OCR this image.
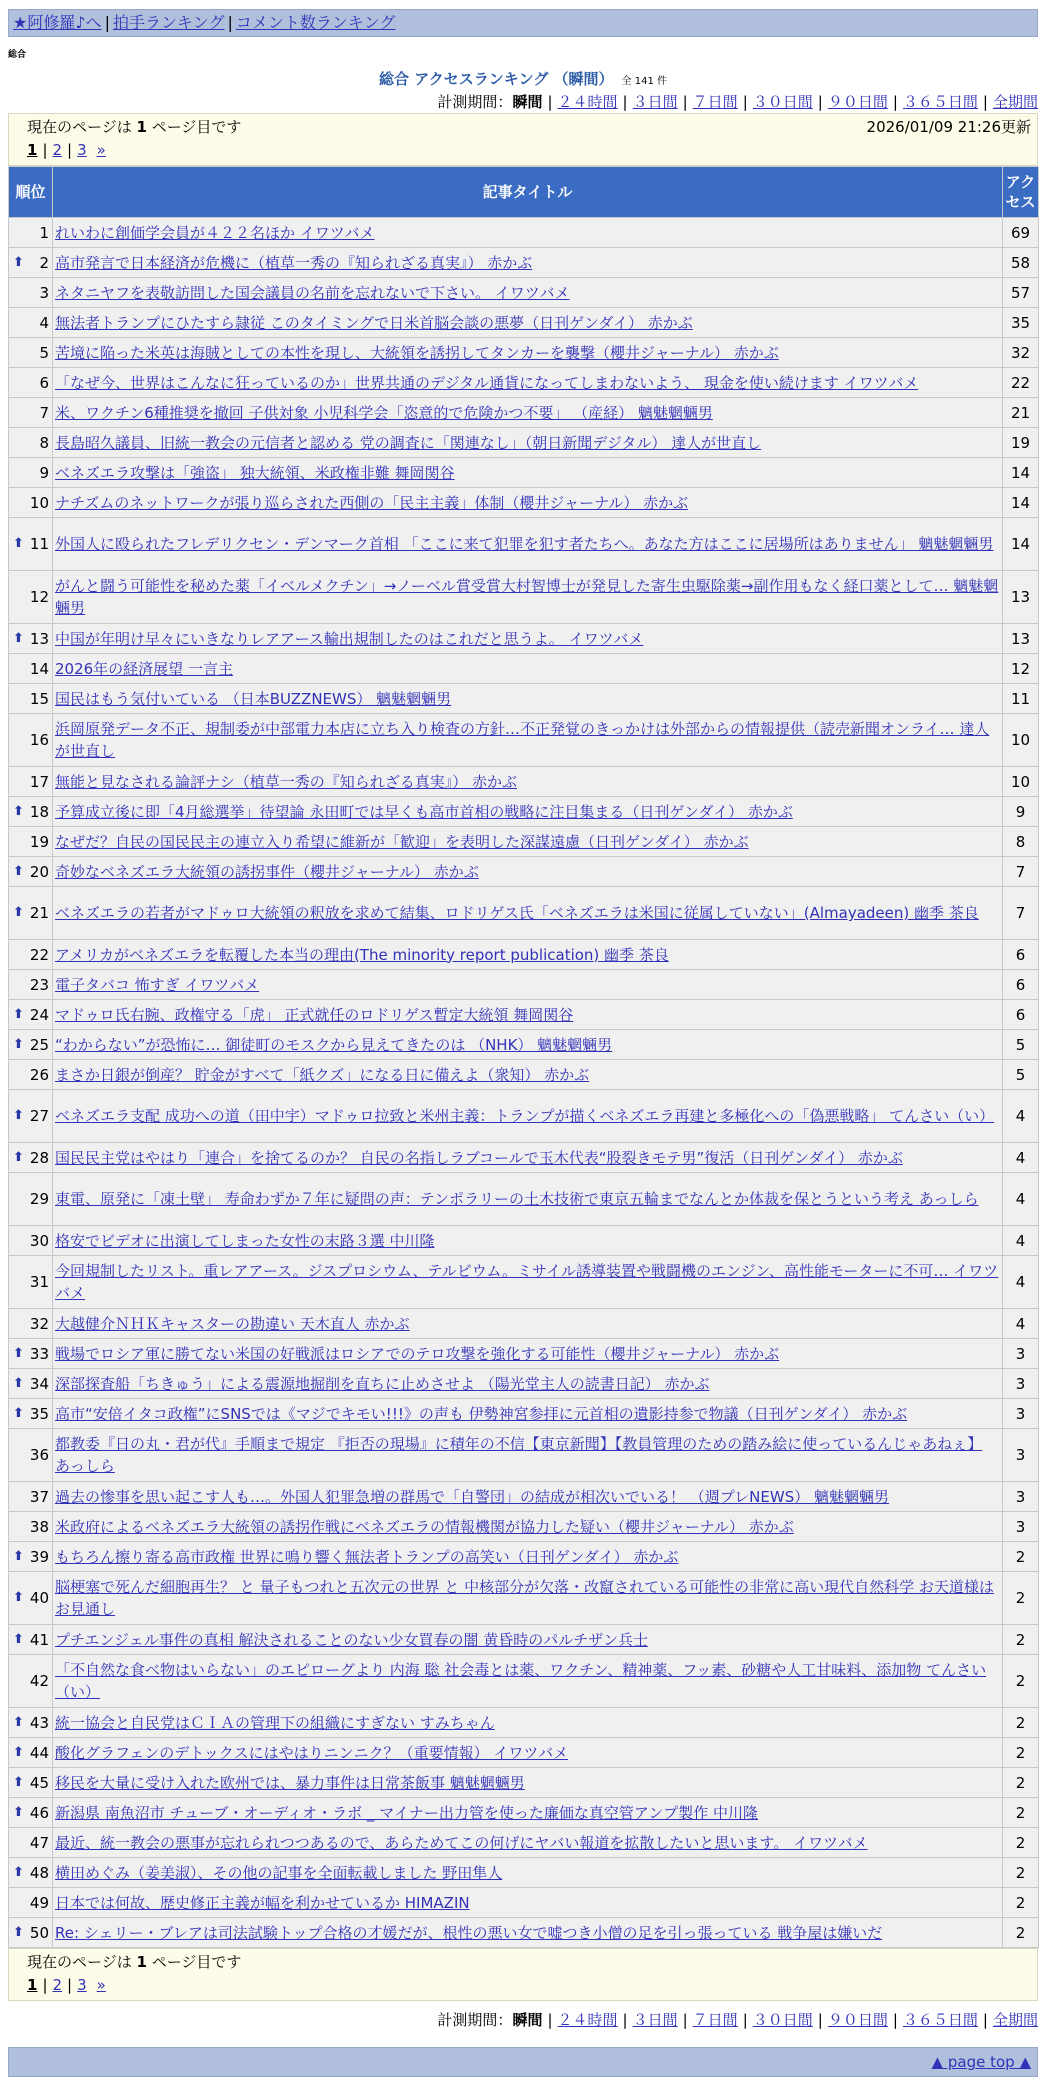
★阿修羅♪へ | 拍手ランキング | コメント数ランキング
総合
総合 アクセスランキング （瞬間） 全 141 件
計測期間：瞬間 | ２４時間 | ３日間 | ７日間 | ３０日間 | ９０日間 | ３６５日間 | 全期間
現在のページは 1 ページ目です	2026/01/09 21:26更新
1 | 2 | 3 »
順位	記事タイトル	アクセス
1	れいわに創価学会員が４２２名ほか イワツバメ	69

⬆ 2	高市発言で日本経済が危機に（植草一秀の『知られざる真実』） 赤かぶ	58
3	ネタニヤフを表敬訪問した国会議員の名前を忘れないで下さい。 イワツバメ	57
4	無法者トランプにひたすら隷従 このタイミングで日米首脳会談の悪夢（日刊ゲンダイ） 赤かぶ	35
5	苦境に陥った米英は海賊としての本性を現し、大統領を誘拐してタンカーを襲撃（櫻井ジャーナル） 赤かぶ	32
6	「なぜ今、世界はこんなに狂っているのか」世界共通のデジタル通貨になってしまわないよう、 現金を使い続けます イワツバメ	22
7	米、ワクチン6種推奨を撤回 子供対象 小児科学会「恣意的で危険かつ不要」 （産経） 魑魅魍魎男	21
8	長島昭久議員、旧統一教会の元信者と認める 党の調査に「関連なし」（朝日新聞デジタル） 達人が世直し	19
9	ベネズエラ攻撃は「強盗」 独大統領、米政権非難 舞岡関谷	14
10	ナチズムのネットワークが張り巡らされた西側の「民主主義」体制（櫻井ジャーナル） 赤かぶ	14

⬆ 11	外国人に殴られたフレデリクセン・デンマーク首相 「ここに来て犯罪を犯す者たちへ。あなた方はここに居場所はありません」 魑魅魍魎男	14
12	がんと闘う可能性を秘めた薬「イベルメクチン」→ノーベル賞受賞大村智博士が発見した寄生虫駆除薬→副作用もなく経口薬として… 魑魅魍魎男	13

⬆ 13	中国が年明け早々にいきなりレアアース輸出規制したのはこれだと思うよ。 イワツバメ	13
14	2026年の経済展望 一言主	12
15	国民はもう気付いている （日本BUZZNEWS） 魑魅魍魎男	11
16	浜岡原発データ不正、規制委が中部電力本店に立ち入り検査の方針…不正発覚のきっかけは外部からの情報提供（読売新聞オンライ… 達人が世直し	10
17	無能と見なされる論評ナシ（植草一秀の『知られざる真実』） 赤かぶ	10

⬆ 18	予算成立後に即「4月総選挙」待望論 永田町では早くも高市首相の戦略に注目集まる（日刊ゲンダイ） 赤かぶ	9
19	なぜだ？自民の国民民主の連立入り希望に維新が「歓迎」を表明した深謀遠慮（日刊ゲンダイ） 赤かぶ	8

⬆ 20	奇妙なベネズエラ大統領の誘拐事件（櫻井ジャーナル） 赤かぶ	7

⬆ 21	ベネズエラの若者がマドゥロ大統領の釈放を求めて結集、ロドリゲス氏「ベネズエラは米国に従属していない」(Almayadeen) 幽季 茶良	7
22	アメリカがベネズエラを転覆した本当の理由(The minority report publication) 幽季 茶良	6
23	電子タバコ 怖すぎ イワツバメ	6

⬆ 24	マドゥロ氏右腕、政権守る「虎」 正式就任のロドリゲス暫定大統領 舞岡関谷	6

⬆ 25	“わからない”が恐怖に… 御徒町のモスクから見えてきたのは （NHK） 魑魅魍魎男	5
26	まさか日銀が倒産？ 貯金がすべて「紙クズ」になる日に備えよ（衆知） 赤かぶ	5

⬆ 27	ベネズエラ支配 成功への道（田中宇）マドゥロ拉致と米州主義：トランプが描くベネズエラ再建と多極化への「偽悪戦略」 てんさい（い）	4

⬆ 28	国民民主党はやはり「連合」を捨てるのか？ 自民の名指しラブコールで玉木代表“股裂きモテ男”復活（日刊ゲンダイ） 赤かぶ	4
29	東電、原発に「凍土壁」 寿命わずか７年に疑問の声：テンポラリーの土木技術で東京五輪までなんとか体裁を保とうという考え あっしら	4
30	格安でビデオに出演してしまった女性の末路３選 中川隆	4
31	今回規制したリスト。重レアアース。ジスプロシウム、テルビウム。ミサイル誘導装置や戦闘機のエンジン、高性能モーターに不可… イワツバメ	4
32	大越健介ＮＨＫキャスターの勘違い 天木直人 赤かぶ	4

⬆ 33	戦場でロシア軍に勝てない米国の好戦派はロシアでのテロ攻撃を強化する可能性（櫻井ジャーナル） 赤かぶ	3

⬆ 34	深部探査船「ちきゅう」による震源地掘削を直ちに止めさせよ （陽光堂主人の読書日記） 赤かぶ	3

⬆ 35	高市“安倍イタコ政権”にSNSでは《マジでキモい!!!》の声も 伊勢神宮参拝に元首相の遺影持参で物議（日刊ゲンダイ） 赤かぶ	3
36	都教委『日の丸・君が代』手順まで規定 『拒否の現場』に積年の不信【東京新聞】【教員管理のための踏み絵に使っているんじゃあねぇ】 あっしら	3
37	過去の惨事を思い起こす人も…。外国人犯罪急増の群馬で「自警団」の結成が相次いでいる！ （週プレNEWS） 魑魅魍魎男	3
38	米政府によるベネズエラ大統領の誘拐作戦にベネズエラの情報機関が協力した疑い（櫻井ジャーナル） 赤かぶ	3

⬆ 39	もちろん擦り寄る高市政権 世界に鳴り響く無法者トランプの高笑い（日刊ゲンダイ） 赤かぶ	2

⬆ 40	脳梗塞で死んだ細胞再生？ と 量子もつれと五次元の世界 と 中核部分が欠落・改竄されている可能性の非常に高い現代自然科学 お天道様はお見通し	2

⬆ 41	プチエンジェル事件の真相 解決されることのない少女買春の闇 黄昏時のパルチザン兵士	2
42	「不自然な食べ物はいらない」のエピローグより 内海 聡 社会毒とは薬、ワクチン、精神薬、フッ素、砂糖や人工甘味料、添加物 てんさい（い）	2

⬆ 43	統一協会と自民党はＣＩＡの管理下の組織にすぎない すみちゃん	2

⬆ 44	酸化グラフェンのデトックスにはやはりニンニク？（重要情報） イワツバメ	2

⬆ 45	移民を大量に受け入れた欧州では、暴力事件は日常茶飯事 魑魅魍魎男	2

⬆ 46	新潟県 南魚沼市 チューブ・オーディオ・ラボ _ マイナー出力管を使った廉価な真空管アンプ製作 中川隆	2
47	最近、統一教会の悪事が忘れられつつあるので、あらためてこの何げにヤバい報道を拡散したいと思います。 イワツバメ	2

⬆ 48	横田めぐみ（姜美淑）、その他の記事を全面転載しました 野田隼人	2
49	日本では何故、歴史修正主義が幅を利かせているか HIMAZIN	2

⬆ 50	Re: シェリー・ブレアは司法試験トップ合格の才媛だが、根性の悪い女で嘘つき小僧の足を引っ張っている 戦争屋は嫌いだ	2
現在のページは 1 ページ目です
1 | 2 | 3 »
計測期間：瞬間 | ２４時間 | ３日間 | ７日間 | ３０日間 | ９０日間 | ３６５日間 | 全期間
▲ page top ▲
